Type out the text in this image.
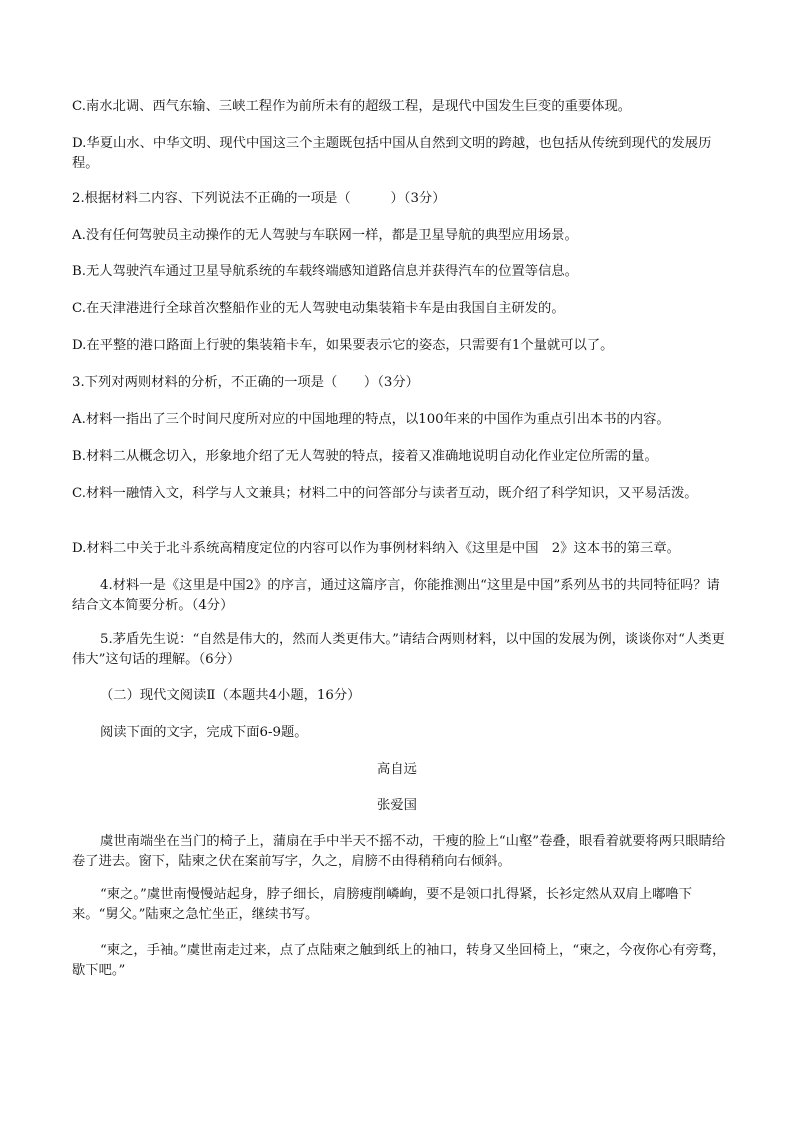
C.南水北调、西气东输、三峡工程作为前所未有的超级工程，是现代中国发生巨变的重要体现。
D.华夏山水、中华文明、现代中国这三个主题既包括中国从自然到文明的跨越，也包括从传统到现代的发展历程。
2.根据材料二内容、下列说法不正确的一项是（　　　）（3分）
A.没有任何驾驶员主动操作的无人驾驶与车联网一样，都是卫星导航的典型应用场景。
B.无人驾驶汽车通过卫星导航系统的车载终端感知道路信息并获得汽车的位置等信息。
C.在天津港进行全球首次整船作业的无人驾驶电动集装箱卡车是由我国自主研发的。
D.在平整的港口路面上行驶的集装箱卡车，如果要表示它的姿态，只需要有1个量就可以了。
3.下列对两则材料的分析，不正确的一项是（　　）（3分）
A.材料一指出了三个时间尺度所对应的中国地理的特点，以100年来的中国作为重点引出本书的内容。
B.材料二从概念切入，形象地介绍了无人驾驶的特点，接着又准确地说明自动化作业定位所需的量。
C.材料一融情入文，科学与人文兼具；材料二中的问答部分与读者互动，既介绍了科学知识，又平易活泼。
D.材料二中关于北斗系统高精度定位的内容可以作为事例材料纳入《这里是中国　2》这本书的第三章。
4.材料一是《这里是中国2》的序言，通过这篇序言，你能推测出“这里是中国”系列丛书的共同特征吗？请结合文本简要分析。（4分）
5.茅盾先生说：“自然是伟大的，然而人类更伟大。”请结合两则材料，以中国的发展为例，谈谈你对“人类更伟大”这句话的理解。（6分）
（二）现代文阅读Ⅱ（本题共4小题，16分）
阅读下面的文字，完成下面6-9题。
高自远
张爱国
虞世南端坐在当门的椅子上，蒲扇在手中半天不摇不动，干瘦的脸上“山壑”卷叠，眼看着就要将两只眼睛给卷了进去。窗下，陆柬之伏在案前写字，久之，肩膀不由得稍稍向右倾斜。
“柬之。”虞世南慢慢站起身，脖子细长，肩膀瘦削嶙峋，要不是领口扎得紧，长衫定然从双肩上嘟噜下来。“舅父。”陆柬之急忙坐正，继续书写。
“柬之，手袖。”虞世南走过来，点了点陆柬之触到纸上的袖口，转身又坐回椅上，“柬之，今夜你心有旁骛，歇下吧。”
